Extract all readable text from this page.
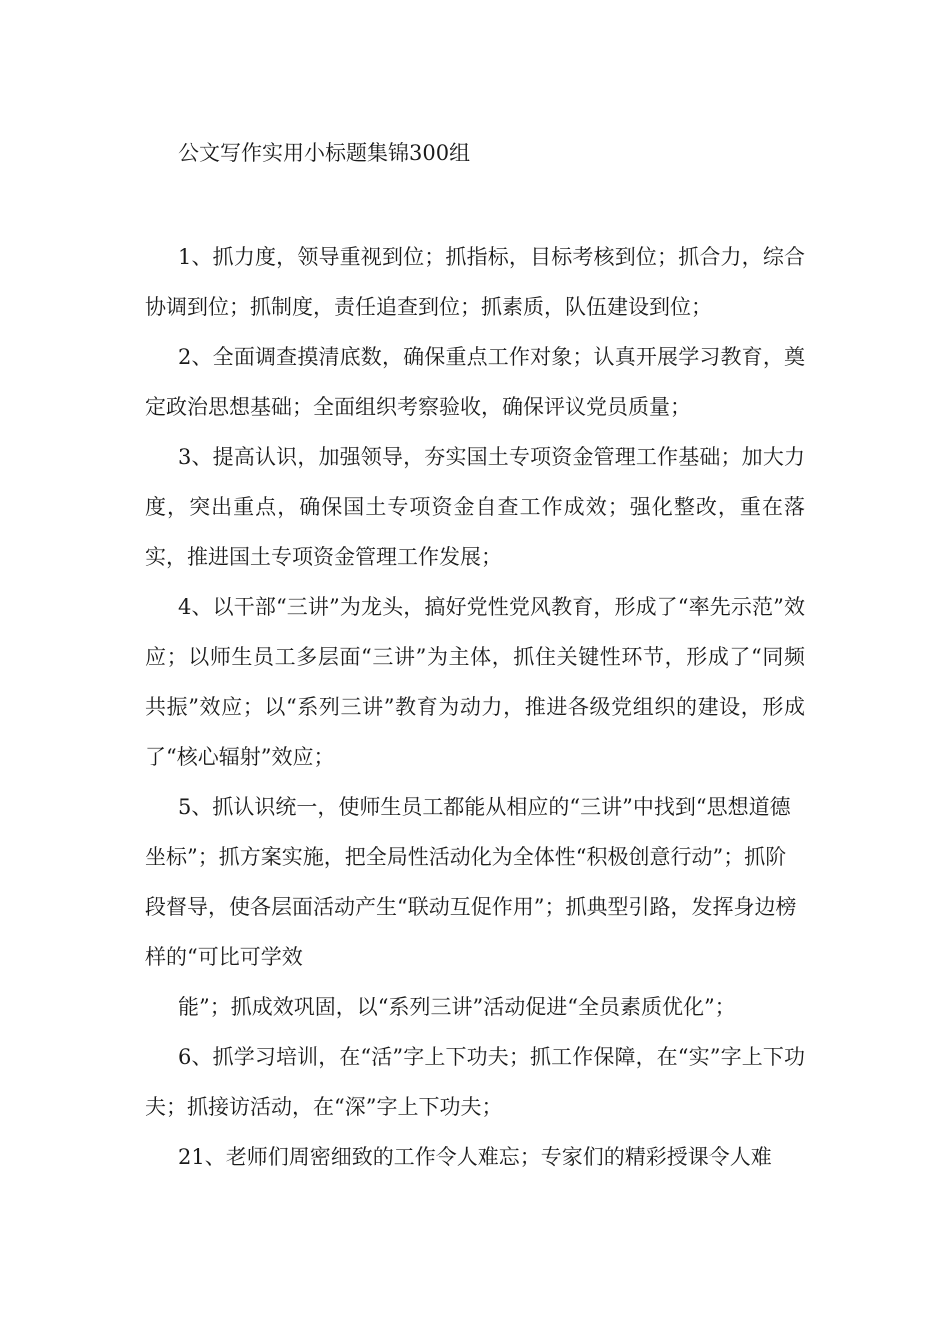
公文写作实用小标题集锦300组

1、抓力度，领导重视到位；抓指标，目标考核到位；抓合力，综合协调到位；抓制度，责任追查到位；抓素质，队伍建设到位；

2、全面调查摸清底数，确保重点工作对象；认真开展学习教育，奠定政治思想基础；全面组织考察验收，确保评议党员质量；

3、提高认识，加强领导，夯实国土专项资金管理工作基础；加大力度，突出重点，确保国土专项资金自查工作成效；强化整改，重在落实，推进国土专项资金管理工作发展；

4、以干部“三讲”为龙头，搞好党性党风教育，形成了“率先示范”效应；以师生员工多层面“三讲”为主体，抓住关键性环节，形成了“同频共振”效应；以“系列三讲”教育为动力，推进各级党组织的建设，形成了“核心辐射”效应；

5、抓认识统一，使师生员工都能从相应的“三讲”中找到“思想道德坐标”；抓方案实施，把全局性活动化为全体性“积极创意行动”；抓阶段督导，使各层面活动产生“联动互促作用”；抓典型引路，发挥身边榜样的“可比可学效

能”；抓成效巩固，以“系列三讲”活动促进“全员素质优化”；

6、抓学习培训，在“活”字上下功夫；抓工作保障，在“实”字上下功夫；抓接访活动，在“深”字上下功夫；

21、老师们周密细致的工作令人难忘；专家们的精彩授课令人难
